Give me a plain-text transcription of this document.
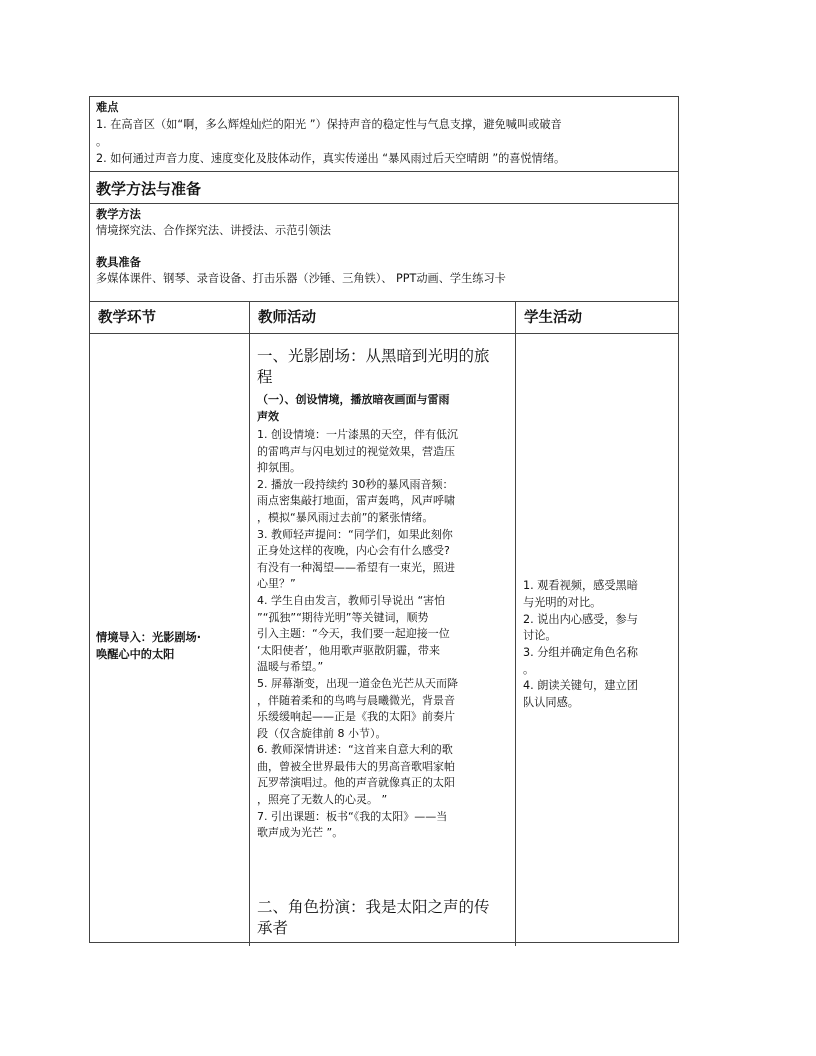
难点
1. 在高音区（如“啊，多么辉煌灿烂的阳光 ”）保持声音的稳定性与气息支撑，避免喊叫或破音
。
2. 如何通过声音力度、速度变化及肢体动作，真实传递出 “暴风雨过后天空晴朗 ”的喜悦情绪。
教学方法与准备
教学方法
情境探究法、合作探究法、讲授法、示范引领法
教具准备
多媒体课件、钢琴、录音设备、打击乐器（沙锤、三角铁）、 PPT动画、学生练习卡
教学环节	教师活动	学生活动
情境导入：光影剧场·
唤醒心中的太阳
一、光影剧场：从黑暗到光明的旅
程
（一）、创设情境，播放暗夜画面与雷雨
声效
1. 创设情境：一片漆黑的天空，伴有低沉
的雷鸣声与闪电划过的视觉效果，营造压
抑氛围。
2. 播放一段持续约 30秒的暴风雨音频：
雨点密集敲打地面，雷声轰鸣，风声呼啸
，模拟“暴风雨过去前”的紧张情绪。
3. 教师轻声提问：“同学们，如果此刻你
正身处这样的夜晚，内心会有什么感受?
有没有一种渴望——希望有一束光，照进
心里？”
4. 学生自由发言，教师引导说出 “害怕
”“孤独”“期待光明”等关键词，顺势
引入主题：“今天，我们要一起迎接一位
‘太阳使者’，他用歌声驱散阴霾，带来
温暖与希望。”
5. 屏幕渐变，出现一道金色光芒从天而降
，伴随着柔和的鸟鸣与晨曦微光，背景音
乐缓缓响起——正是《我的太阳》前奏片
段（仅含旋律前 8 小节）。
6. 教师深情讲述：“这首来自意大利的歌
曲，曾被全世界最伟大的男高音歌唱家帕
瓦罗蒂演唱过。他的声音就像真正的太阳
，照亮了无数人的心灵。 ”
7. 引出课题：板书“《我的太阳》——当
歌声成为光芒 ”。
二、角色扮演：我是太阳之声的传
承者
1. 观看视频，感受黑暗
与光明的对比。
2. 说出内心感受，参与
讨论。
3. 分组并确定角色名称
。
4. 朗读关键句，建立团
队认同感。
